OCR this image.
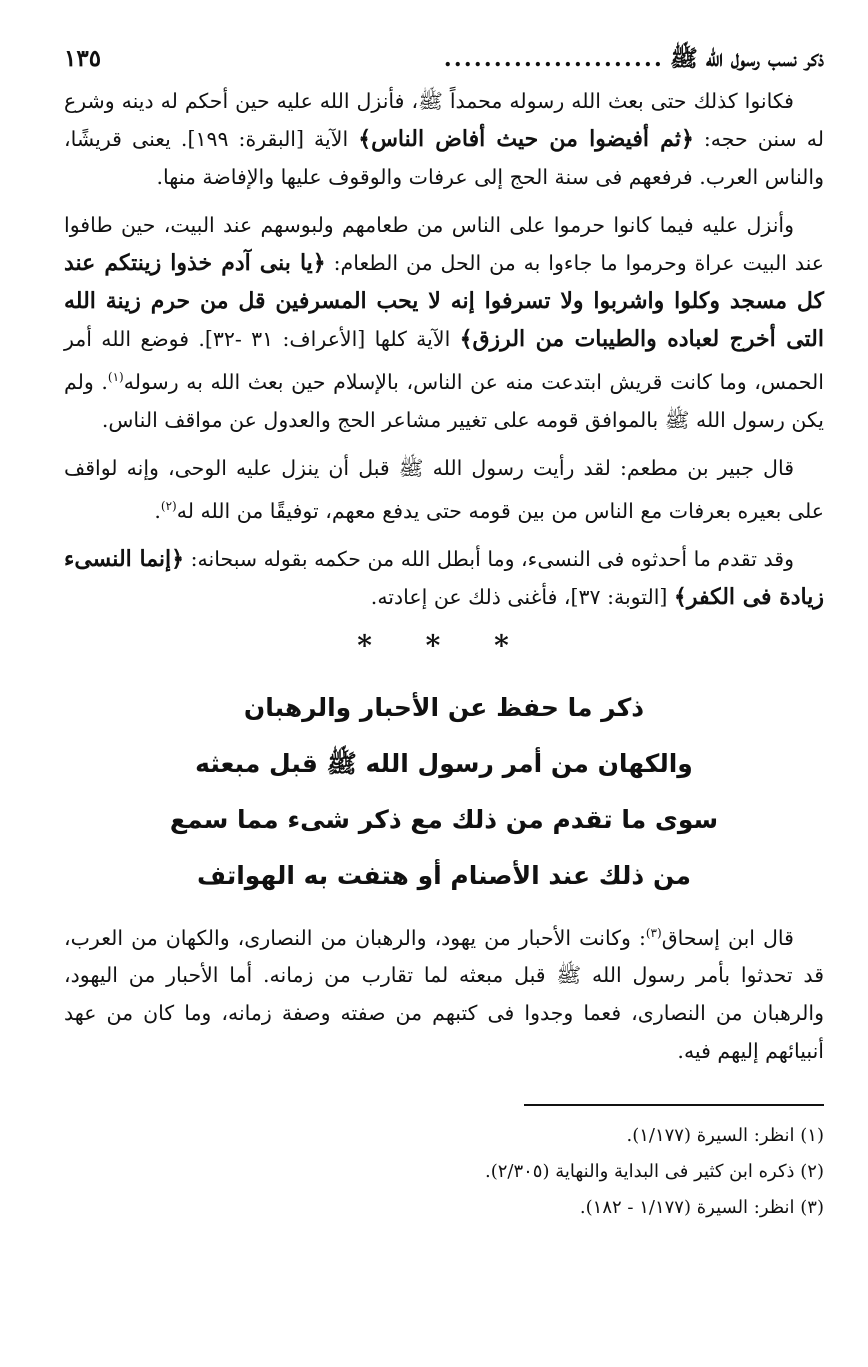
ذكر نسب رسول الله ﷺ
......................
١٣٥

فكانوا كذلك حتى بعث الله رسوله محمداً ﷺ، فأنزل الله عليه حين أحكم له دينه وشرع له سنن حجه: ﴿ثم أفيضوا من حيث أفاض الناس﴾ الآية [البقرة: ١٩٩]. يعنى قريشًا، والناس العرب. فرفعهم فى سنة الحج إلى عرفات والوقوف عليها والإفاضة منها.

وأنزل عليه فيما كانوا حرموا على الناس من طعامهم ولبوسهم عند البيت، حين طافوا عند البيت عراة وحرموا ما جاءوا به من الحل من الطعام: ﴿يا بنى آدم خذوا زينتكم عند كل مسجد وكلوا واشربوا ولا تسرفوا إنه لا يحب المسرفين قل من حرم زينة الله التى أخرج لعباده والطيبات من الرزق﴾ الآية كلها [الأعراف: ٣١ -٣٢]. فوضع الله أمر الحمس، وما كانت قريش ابتدعت منه عن الناس، بالإسلام حين بعث الله به رسوله$^{(١)}$. ولم يكن رسول الله ﷺ بالموافق قومه على تغيير مشاعر الحج والعدول عن مواقف الناس.

قال جبير بن مطعم: لقد رأيت رسول الله ﷺ قبل أن ينزل عليه الوحى، وإنه لواقف على بعيره بعرفات مع الناس من بين قومه حتى يدفع معهم، توفيقًا من الله له$^{(٢)}$.

وقد تقدم ما أحدثوه فى النسىء، وما أبطل الله من حكمه بقوله سبحانه: ﴿إنما النسىء زيادة فى الكفر﴾ [التوبة: ٣٧]، فأغنى ذلك عن إعادته.

* * *
ذكر ما حفظ عن الأحبار والرهبان
والكهان من أمر رسول الله ﷺ قبل مبعثه
سوى ما تقدم من ذلك مع ذكر شىء مما سمع
من ذلك عند الأصنام أو هتفت به الهواتف

قال ابن إسحاق$^{(٣)}$: وكانت الأحبار من يهود، والرهبان من النصارى، والكهان من العرب، قد تحدثوا بأمر رسول الله ﷺ قبل مبعثه لما تقارب من زمانه. أما الأحبار من اليهود، والرهبان من النصارى، فعما وجدوا فى كتبهم من صفته وصفة زمانه، وما كان من عهد أنبيائهم إليهم فيه.

(١) انظر: السيرة (١/١٧٧).
(٢) ذكره ابن كثير فى البداية والنهاية (٢/٣٠٥).
(٣) انظر: السيرة (١/١٧٧ - ١٨٢).
